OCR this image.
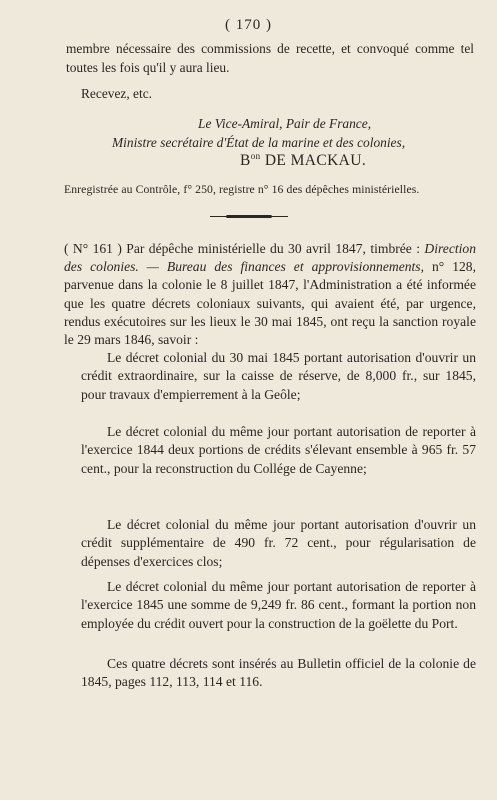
( 170 )

membre nécessaire des commissions de recette, et convoqué comme tel toutes les fois qu'il y aura lieu.

Recevez, etc.

Le Vice-Amiral, Pair de France,
Ministre secrétaire d'État de la marine et des colonies,
$B^{on}$ DE MACKAU.
Enregistrée au Contrôle, f° 250, registre n° 16 des dépêches ministérielles.

( N° 161 ) Par dépêche ministérielle du 30 avril 1847, timbrée : Direction des colonies. — Bureau des finances et approvisionnements, n° 128, parvenue dans la colonie le 8 juillet 1847, l'Administration a été informée que les quatre décrets coloniaux suivants, qui avaient été, par urgence, rendus exécutoires sur les lieux le 30 mai 1845, ont reçu la sanction royale le 29 mars 1846, savoir :

Le décret colonial du 30 mai 1845 portant autorisation d'ouvrir un crédit extraordinaire, sur la caisse de réserve, de 8,000 fr., sur 1845, pour travaux d'empierrement à la Geôle;

Le décret colonial du même jour portant autorisation de reporter à l'exercice 1844 deux portions de crédits s'élevant ensemble à 965 fr. 57 cent., pour la reconstruction du Collége de Cayenne;

Le décret colonial du même jour portant autorisation d'ouvrir un crédit supplémentaire de 490 fr. 72 cent., pour régularisation de dépenses d'exercices clos;

Le décret colonial du même jour portant autorisation de reporter à l'exercice 1845 une somme de 9,249 fr. 86 cent., formant la portion non employée du crédit ouvert pour la construction de la goëlette du Port.

Ces quatre décrets sont insérés au Bulletin officiel de la colonie de 1845, pages 112, 113, 114 et 116.
